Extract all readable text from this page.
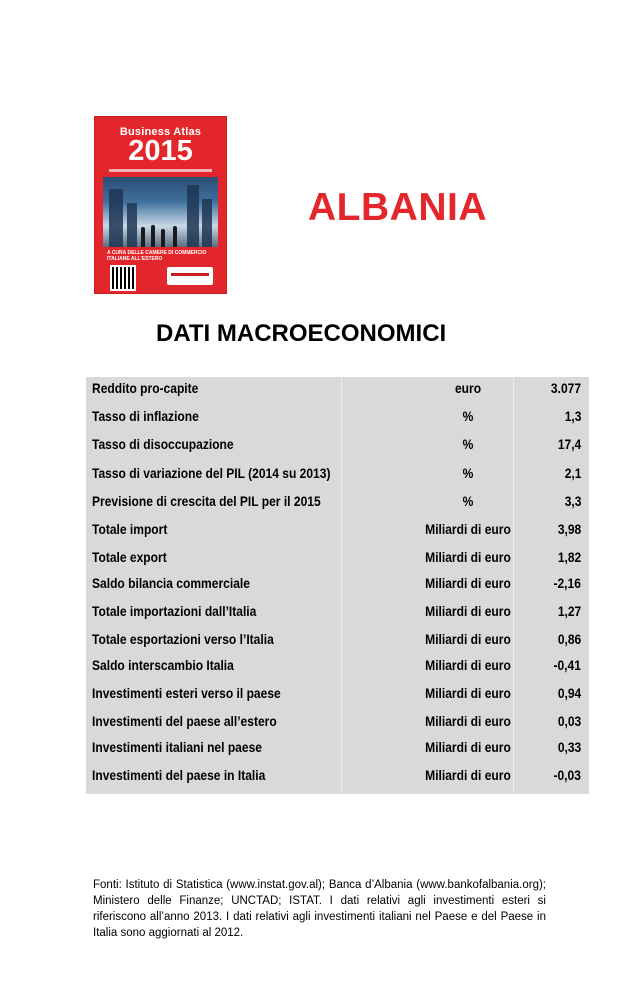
Business Atlas
2015
A CURA DELLE CAMERE DI COMMERCIO ITALIANE ALL'ESTERO
ALBANIA
DATI MACROECONOMICI
Reddito pro-capite	euro	3.077
Tasso di inflazione	%	1,3
Tasso di disoccupazione	%	17,4
Tasso di variazione del PIL (2014 su 2013)	%	2,1
Previsione di crescita del PIL per il 2015	%	3,3
Totale import	Miliardi di euro	3,98
Totale export	Miliardi di euro	1,82
Saldo bilancia commerciale	Miliardi di euro	-2,16
Totale importazioni dall’Italia	Miliardi di euro	1,27
Totale esportazioni verso l’Italia	Miliardi di euro	0,86
Saldo interscambio Italia	Miliardi di euro	-0,41
Investimenti esteri verso il paese	Miliardi di euro	0,94
Investimenti del paese all’estero	Miliardi di euro	0,03
Investimenti italiani nel paese	Miliardi di euro	0,33
Investimenti del paese in Italia	Miliardi di euro	-0,03
Fonti: Istituto di Statistica (www.instat.gov.al); Banca d’Albania (www.bankofalbania.org); Ministero delle Finanze; UNCTAD; ISTAT. I dati relativi agli investimenti esteri si riferiscono all’anno 2013. I dati relativi agli investimenti italiani nel Paese e del Paese in Italia sono aggiornati al 2012.
